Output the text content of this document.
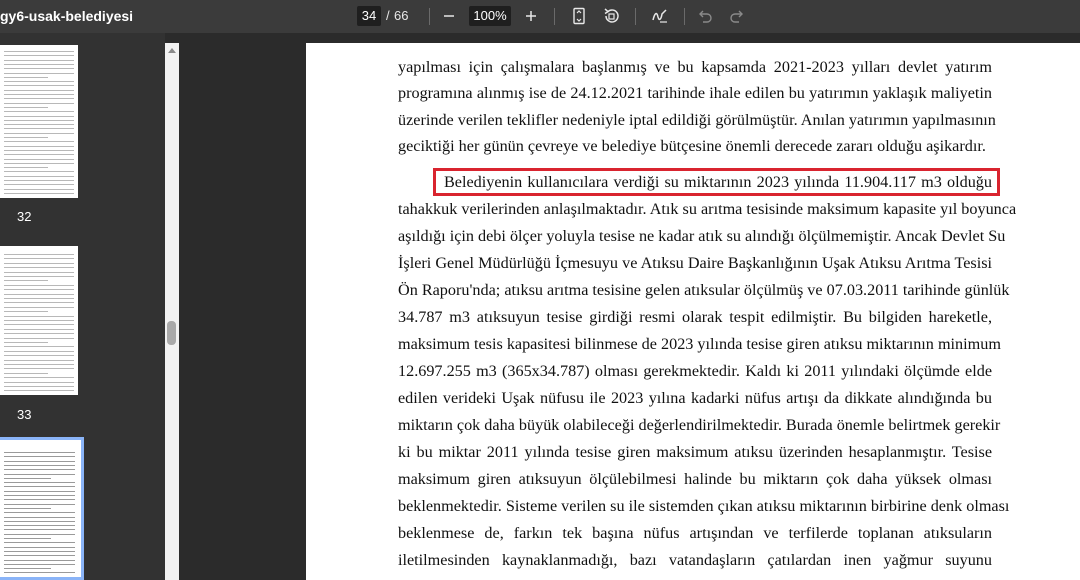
gy6-usak-belediyesi	34 / 66	100%
32
33
yapılması için çalışmalara başlanmış ve bu kapsamda 2021-2023 yılları devlet yatırım
programına alınmış ise de 24.12.2021 tarihinde ihale edilen bu yatırımın yaklaşık maliyetin
üzerinde verilen teklifler nedeniyle iptal edildiği görülmüştür. Anılan yatırımın yapılmasının
geciktiği her günün çevreye ve belediye bütçesine önemli derecede zararı olduğu aşikardır.
Belediyenin kullanıcılara verdiği su miktarının 2023 yılında 11.904.117 m3 olduğu
tahakkuk verilerinden anlaşılmaktadır. Atık su arıtma tesisinde maksimum kapasite yıl boyunca
aşıldığı için debi ölçer yoluyla tesise ne kadar atık su alındığı ölçülmemiştir. Ancak Devlet Su
İşleri Genel Müdürlüğü İçmesuyu ve Atıksu Daire Başkanlığının Uşak Atıksu Arıtma Tesisi
Ön Raporu'nda; atıksu arıtma tesisine gelen atıksular ölçülmüş ve 07.03.2011 tarihinde günlük
34.787 m3 atıksuyun tesise girdiği resmi olarak tespit edilmiştir. Bu bilgiden hareketle,
maksimum tesis kapasitesi bilinmese de 2023 yılında tesise giren atıksu miktarının minimum
12.697.255 m3 (365x34.787) olması gerekmektedir. Kaldı ki 2011 yılındaki ölçümde elde
edilen verideki Uşak nüfusu ile 2023 yılına kadarki nüfus artışı da dikkate alındığında bu
miktarın çok daha büyük olabileceği değerlendirilmektedir. Burada önemle belirtmek gerekir
ki bu miktar 2011 yılında tesise giren maksimum atıksu üzerinden hesaplanmıştır. Tesise
maksimum giren atıksuyun ölçülebilmesi halinde bu miktarın çok daha yüksek olması
beklenmektedir. Sisteme verilen su ile sistemden çıkan atıksu miktarının birbirine denk olması
beklenmese de, farkın tek başına nüfus artışından ve terfilerde toplanan atıksuların
iletilmesinden kaynaklanmadığı, bazı vatandaşların çatılardan inen yağmur suyunu
